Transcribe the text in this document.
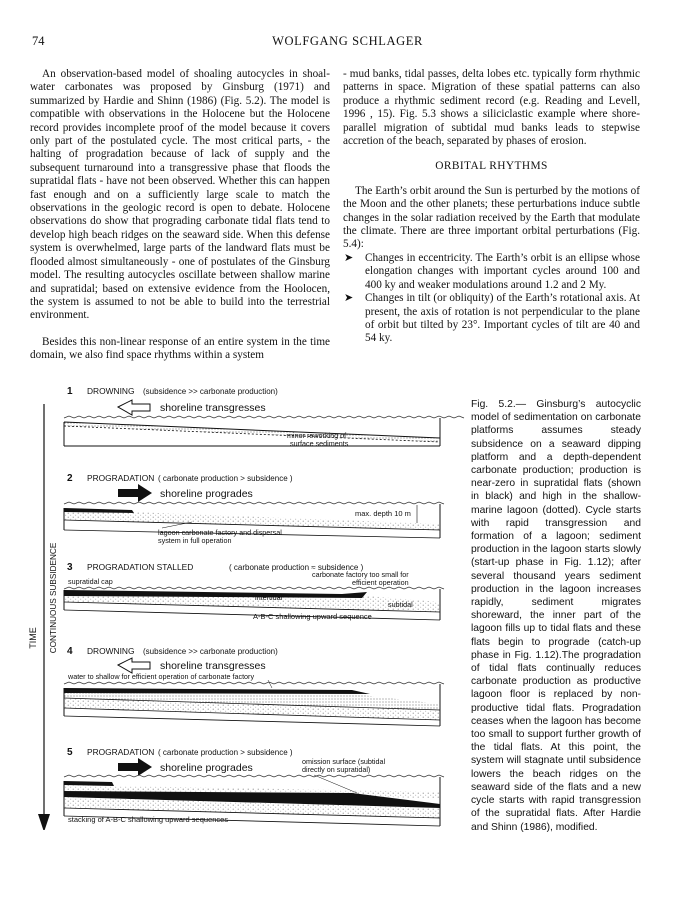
74	WOLFGANG SCHLAGER

An observation-based model of shoaling autocycles in shoal-water carbonates was proposed by Ginsburg (1971) and summarized by Hardie and Shinn (1986) (Fig. 5.2). The model is compatible with observations in the Holocene but the Holocene record provides incomplete proof of the model because it covers only part of the postulated cycle. The most critical parts, - the halting of progradation because of lack of supply and the subsequent turnaround into a transgressive phase that floods the supratidal flats - have not been observed. Whether this can happen fast enough and on a sufficiently large scale to match the observations in the geologic record is open to debate. Holocene observations do show that prograding carbonate tidal flats tend to develop high beach ridges on the seaward side. When this defense system is overwhelmed, large parts of the landward flats must be flooded almost simultaneously - one of postulates of the Ginsburg model. The resulting autocycles oscillate between shallow marine and supratidal; based on extensive evidence from the Hoolocen, the system is assumed to not be able to build into the terrestrial environment.

Besides this non-linear response of an entire system in the time domain, we also find space rhythms within a system

- mud banks, tidal passes, delta lobes etc. typically form rhythmic patterns in space. Migration of these spatial patterns can also produce a rhythmic sediment record (e.g. Reading and Levell, 1996 , 15). Fig. 5.3 shows a siliciclastic example where shore-parallel migration of subtidal mud banks leads to stepwise accretion of the beach, separated by phases of erosion.

ORBITAL RHYTHMS

The Earth’s orbit around the Sun is perturbed by the motions of the Moon and the other planets; these perturbations induce subtle changes in the solar radiation received by the Earth that modulate the climate. There are three important orbital perturbations (Fig. 5.4):

➤ Changes in eccentricity. The Earth’s orbit is an ellipse whose elongation changes with important cycles around 100 and 400 ky and weaker modulations around 1.2 and 2 My.
➤ Changes in tilt (or obliquity) of the Earth’s rotational axis. At present, the axis of rotation is not perpendicular to the plane of orbit but tilted by 23°. Important cycles of tilt are 40 and 54 ky.
TIME CONTINUOUS SUBSIDENCE
1 DROWNING (subsidence >> carbonate production)
shoreline transgresses
minor reworking of
surface sediments
2 PROGRADATION ( carbonate production > subsidence )
shoreline progrades
max. depth 10 m
lagoon carbonate factory and dispersal
system in full operation
3 PROGRADATION STALLED	( carbonate production ≈ subsidence )
carbonate factory too small for
efficient operation
supratidal cap
intertidal
subtidal
A-B-C shallowing upward sequence
4 DROWNING (subsidence >> carbonate production)
shoreline transgresses
water to shallow for efficient operation of carbonate factory
5 PROGRADATION ( carbonate production > subsidence )
shoreline progrades
omission surface (subtidal
directly on supratidal)
stacking of A-B-C shallowing upward sequences
Fig. 5.2.— Ginsburg’s autocyclic model of sedimentation on carbonate platforms assumes steady subsidence on a seaward dipping platform and a depth-dependent carbonate production; production is near-zero in supratidal flats (shown in black) and high in the shallow-marine lagoon (dotted). Cycle starts with rapid transgression and formation of a lagoon; sediment production in the lagoon starts slowly (start-up phase in Fig. 1.12); after several thousand years sediment production in the lagoon increases rapidly, sediment migrates shoreward, the inner part of the lagoon fills up to tidal flats and these flats begin to prograde (catch-up phase in Fig. 1.12).The progradation of tidal flats continually reduces carbonate production as productive lagoon floor is replaced by non-productive tidal flats. Progradation ceases when the lagoon has become too small to support further growth of the tidal flats. At this point, the system will stagnate until subsidence lowers the beach ridges on the seaward side of the flats and a new cycle starts with rapid transgression of the supratidal flats. After Hardie and Shinn (1986), modified.
